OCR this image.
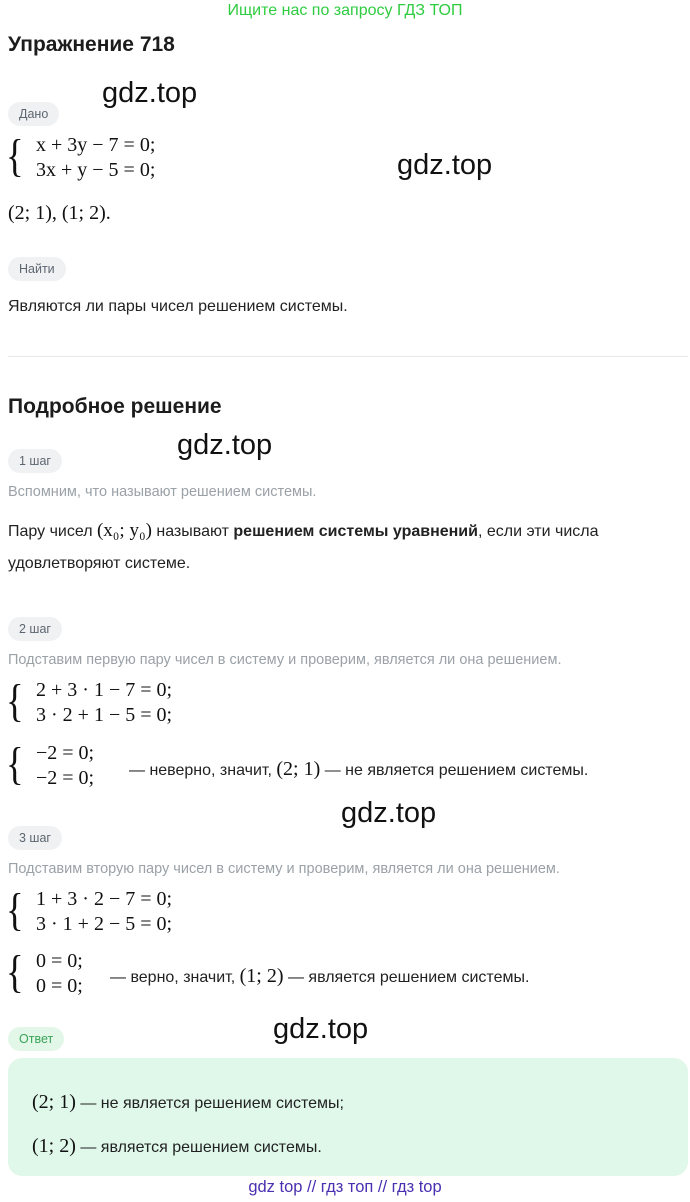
Ищите нас по запросу ГДЗ ТОП
Упражнение 718
gdz.top
gdz.top
gdz.top
gdz.top
gdz.top
Дано
{ x + 3y − 7 = 0;
3x + y − 5 = 0;
(2; 1), (1; 2).
Найти
Являются ли пары чисел решением системы.
Подробное решение
1 шаг
Вспомним, что называют решением системы.
Пару чисел (x₀; y₀) называют решением системы уравнений, если эти числа
удовлетворяют системе.
2 шаг
Подставим первую пару чисел в систему и проверим, является ли она решением.
{ 2 + 3 · 1 − 7 = 0;
3 · 2 + 1 − 5 = 0;
{ −2 = 0;
−2 = 0; — неверно, значит, (2; 1) — не является решением системы.
3 шаг
Подставим вторую пару чисел в систему и проверим, является ли она решением.
{ 1 + 3 · 2 − 7 = 0;
3 · 1 + 2 − 5 = 0;
{ 0 = 0;
0 = 0; — верно, значит, (1; 2) — является решением системы.
Ответ
(2; 1) — не является решением системы;
(1; 2) — является решением системы.
gdz top // гдз топ // гдз top
